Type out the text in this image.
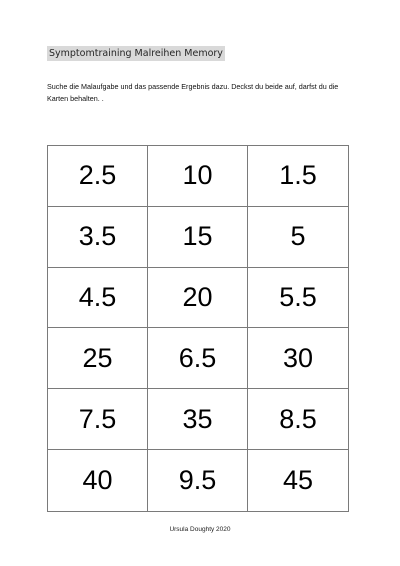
Symptomtraining Malreihen Memory

Suche die Malaufgabe und das passende Ergebnis dazu. Deckst du beide auf, darfst du die Karten behalten. .

2.5	10	1.5
3.5	15	5
4.5	20	5.5
25	6.5	30
7.5	35	8.5
40	9.5	45
Ursula Doughty 2020
